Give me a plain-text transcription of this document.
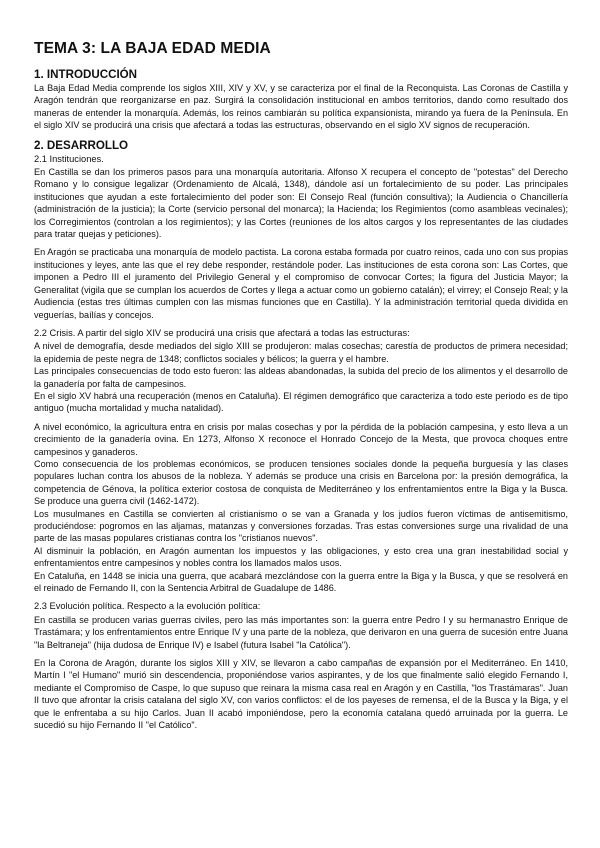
TEMA 3: LA BAJA EDAD MEDIA
1. INTRODUCCIÓN

La Baja Edad Media comprende los siglos XIII, XIV y XV, y se caracteriza por el final de la Reconquista. Las Coronas de Castilla y Aragón tendrán que reorganizarse en paz. Surgirá la consolidación institucional en ambos territorios, dando como resultado dos maneras de entender la monarquía. Además, los reinos cambiarán su política expansionista, mirando ya fuera de la Península. En el siglo XIV se producirá una crisis que afectará a todas las estructuras, observando en el siglo XV signos de recuperación.

2. DESARROLLO
2.1 Instituciones.

En Castilla se dan los primeros pasos para una monarquía autoritaria. Alfonso X recupera el concepto de "potestas" del Derecho Romano y lo consigue legalizar (Ordenamiento de Alcalá, 1348), dándole así un fortalecimiento de su poder. Las principales instituciones que ayudan a este fortalecimiento del poder son: El Consejo Real (función consultiva); la Audiencia o Chancillería (administración de la justicia); la Corte (servicio personal del monarca); la Hacienda; los Regimientos (como asambleas vecinales); los Corregimientos (controlan a los regimientos); y las Cortes (reuniones de los altos cargos y los representantes de las ciudades para tratar quejas y peticiones).

En Aragón se practicaba una monarquía de modelo pactista. La corona estaba formada por cuatro reinos, cada uno con sus propias instituciones y leyes, ante las que el rey debe responder, restándole poder. Las instituciones de esta corona son: Las Cortes, que imponen a Pedro III el juramento del Privilegio General y el compromiso de convocar Cortes; la figura del Justicia Mayor; la Generalitat (vigila que se cumplan los acuerdos de Cortes y llega a actuar como un gobierno catalán); el virrey; el Consejo Real; y la Audiencia (estas tres últimas cumplen con las mismas funciones que en Castilla). Y la administración territorial queda dividida en veguerías, baílías y concejos.

2.2 Crisis. A partir del siglo XIV se producirá una crisis que afectará a todas las estructuras:

A nivel de demografía, desde mediados del siglo XIII se produjeron: malas cosechas; carestía de productos de primera necesidad; la epidemia de peste negra de 1348; conflictos sociales y bélicos; la guerra y el hambre.

Las principales consecuencias de todo esto fueron: las aldeas abandonadas, la subida del precio de los alimentos y el desarrollo de la ganadería por falta de campesinos.

En el siglo XV habrá una recuperación (menos en Cataluña). El régimen demográfico que caracteriza a todo este periodo es de tipo antiguo (mucha mortalidad y mucha natalidad).

A nivel económico, la agricultura entra en crisis por malas cosechas y por la pérdida de la población campesina, y esto lleva a un crecimiento de la ganadería ovina. En 1273, Alfonso X reconoce el Honrado Concejo de la Mesta, que provoca choques entre campesinos y ganaderos.

Como consecuencia de los problemas económicos, se producen tensiones sociales donde la pequeña burguesía y las clases populares luchan contra los abusos de la nobleza. Y además se produce una crisis en Barcelona por: la presión demográfica, la competencia de Génova, la política exterior costosa de conquista de Mediterráneo y los enfrentamientos entre la Biga y la Busca. Se produce una guerra civil (1462-1472).

Los musulmanes en Castilla se convierten al cristianismo o se van a Granada y los judíos fueron víctimas de antisemitismo, produciéndose: pogromos en las aljamas, matanzas y conversiones forzadas. Tras estas conversiones surge una rivalidad de una parte de las masas populares cristianas contra los "cristianos nuevos".

Al disminuir la población, en Aragón aumentan los impuestos y las obligaciones, y esto crea una gran inestabilidad social y enfrentamientos entre campesinos y nobles contra los llamados malos usos.

En Cataluña, en 1448 se inicia una guerra, que acabará mezclándose con la guerra entre la Biga y la Busca, y que se resolverá en el reinado de Fernando II, con la Sentencia Arbitral de Guadalupe de 1486.

2.3 Evolución política. Respecto a la evolución política:

En castilla se producen varias guerras civiles, pero las más importantes son: la guerra entre Pedro I y su hermanastro Enrique de Trastámara; y los enfrentamientos entre Enrique IV y una parte de la nobleza, que derivaron en una guerra de sucesión entre Juana "la Beltraneja" (hija dudosa de Enrique IV) e Isabel (futura Isabel "la Católica").

En la Corona de Aragón, durante los siglos XIII y XIV, se llevaron a cabo campañas de expansión por el Mediterráneo. En 1410, Martín I "el Humano" murió sin descendencia, proponiéndose varios aspirantes, y de los que finalmente salió elegido Fernando I, mediante el Compromiso de Caspe, lo que supuso que reinara la misma casa real en Aragón y en Castilla, "los Trastámaras". Juan II tuvo que afrontar la crisis catalana del siglo XV, con varios conflictos: el de los payeses de remensa, el de la Busca y la Biga, y el que le enfrentaba a su hijo Carlos. Juan II acabó imponiéndose, pero la economía catalana quedó arruinada por la guerra. Le sucedió su hijo Fernando II "el Católico".
